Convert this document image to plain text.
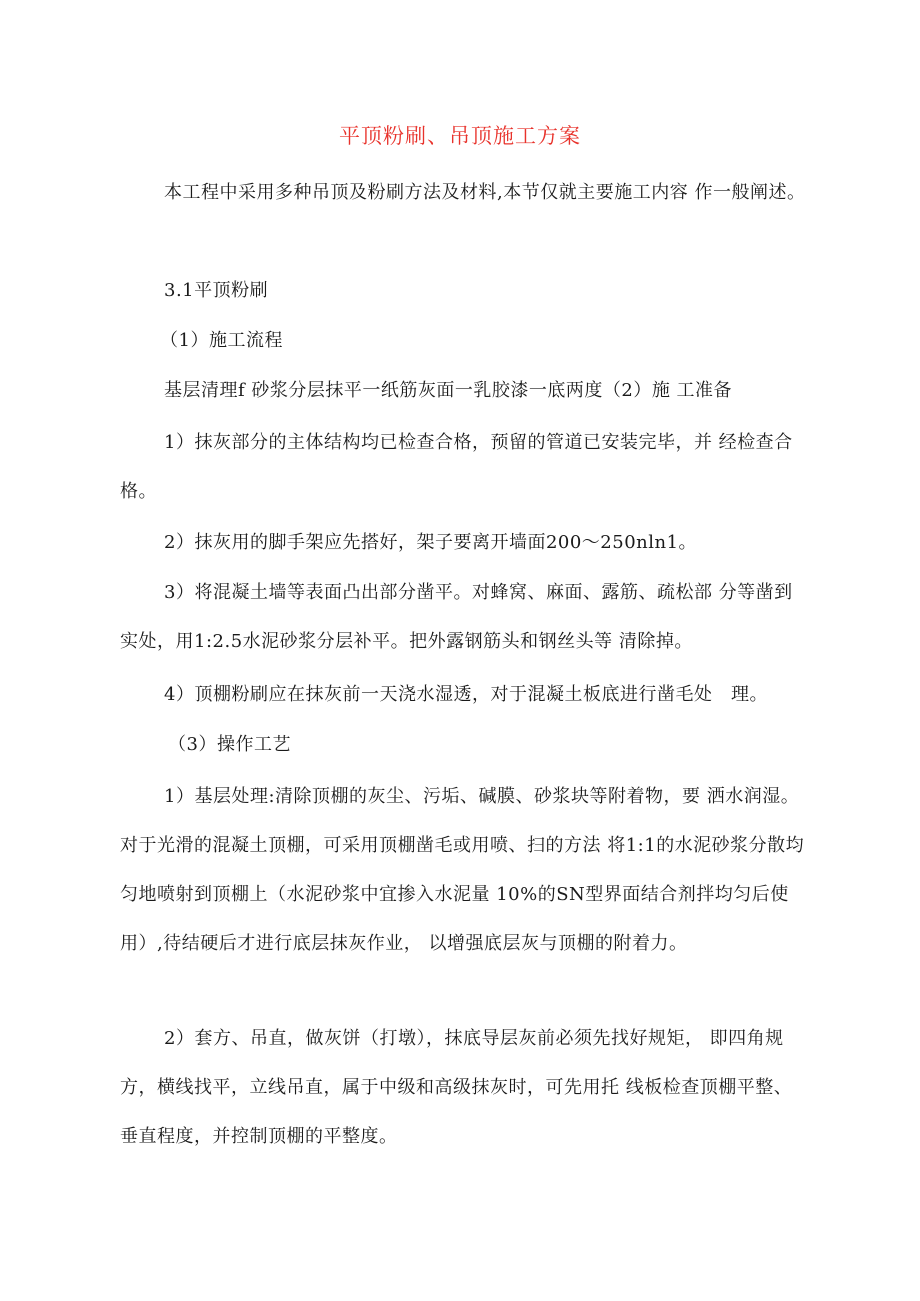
平顶粉刷、吊顶施工方案

本工程中采用多种吊顶及粉刷方法及材料,本节仅就主要施工内容 作一般阐述。

3.1平顶粉刷

（1）施工流程

基层清理f 砂浆分层抹平一纸筋灰面一乳胶漆一底两度（2）施 工准备

1）抹灰部分的主体结构均已检查合格，预留的管道已安装完毕，并 经检查合格。

2）抹灰用的脚手架应先搭好，架子要离开墙面200～250nln1。

3）将混凝土墙等表面凸出部分凿平。对蜂窝、麻面、露筋、疏松部 分等凿到实处，用1:2.5水泥砂浆分层补平。把外露钢筋头和钢丝头等 清除掉。

4）顶棚粉刷应在抹灰前一天浇水湿透，对于混凝土板底进行凿毛处　理。

（3）操作工艺

1）基层处理:清除顶棚的灰尘、污垢、碱膜、砂浆块等附着物，要 洒水润湿。对于光滑的混凝土顶棚，可采用顶棚凿毛或用喷、扫的方法 将1:1的水泥砂浆分散均匀地喷射到顶棚上（水泥砂浆中宜掺入水泥量 10%的SN型界面结合剂拌均匀后使用）,待结硬后才进行底层抹灰作业， 以增强底层灰与顶棚的附着力。

2）套方、吊直，做灰饼（打墩），抹底导层灰前必须先找好规矩， 即四角规方，横线找平，立线吊直，属于中级和高级抹灰时，可先用托 线板检查顶棚平整、垂直程度，并控制顶棚的平整度。
